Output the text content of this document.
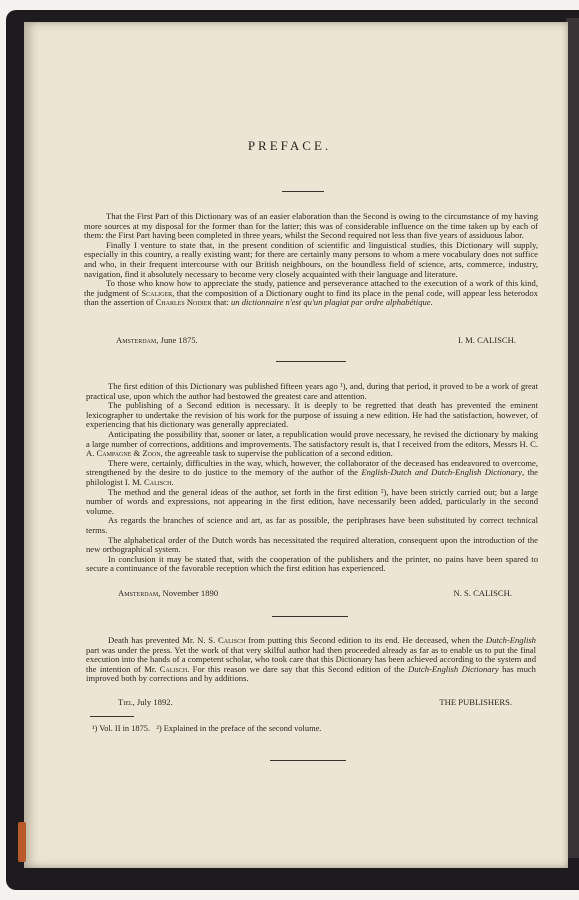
PREFACE.

That the First Part of this Dictionary was of an easier elaboration than the Second is owing to the circumstance of my having more sources at my disposal for the former than for the latter; this was of considerable influence on the time taken up by each of them: the First Part having been completed in three years, whilst the Second required not less than five years of assiduous labor.

Finally I venture to state that, in the present condition of scientific and linguistical studies, this Dictionary will supply, especially in this country, a really existing want; for there are certainly many persons to whom a mere vocabulary does not suffice and who, in their frequent intercourse with our British neighbours, on the boundless field of science, arts, commerce, industry, navigation, find it absolutely necessary to become very closely acquainted with their language and literature.

To those who know how to appreciate the study, patience and perseverance attached to the execution of a work of this kind, the judgment of Scaliger, that the composition of a Dictionary ought to find its place in the penal code, will appear less heterodox than the assertion of Charles Nodier that: un dictionnaire n'est qu'un plagiat par ordre alphabétique.

Amsterdam, June 1875.	I. M. CALISCH.

The first edition of this Dictionary was published fifteen years ago ¹), and, during that period, it proved to be a work of great practical use, upon which the author had bestowed the greatest care and attention.

The publishing of a Second edition is necessary. It is deeply to be regretted that death has prevented the eminent lexicographer to undertake the revision of his work for the purpose of issuing a new edition. He had the satisfaction, however, of experiencing that his dictionary was generally appreciated.

Anticipating the possibility that, sooner or later, a republication would prove necessary, he revised the dictionary by making a large number of corrections, additions and improvements. The satisfactory result is, that I received from the editors, Messrs H. C. A. Campagne & Zoon, the agreeable task to supervise the publication of a second edition.

There were, certainly, difficulties in the way, which, however, the collaborator of the deceased has endeavored to overcome, strengthened by the desire to do justice to the memory of the author of the English-Dutch and Dutch-English Dictionary, the philologist I. M. Calisch.

The method and the general ideas of the author, set forth in the first edition ²), have been strictly carried out; but a large number of words and expressions, not appearing in the first edition, have necessarily been added, particularly in the second volume.

As regards the branches of science and art, as far as possible, the periphrases have been substituted by correct technical terms.

The alphabetical order of the Dutch words has necessitated the required alteration, consequent upon the introduction of the new orthographical system.

In conclusion it may be stated that, with the cooperation of the publishers and the printer, no pains have been spared to secure a continuance of the favorable reception which the first edition has experienced.

Amsterdam, November 1890	N. S. CALISCH.

Death has prevented Mr. N. S. Calisch from putting this Second edition to its end. He deceased, when the Dutch-English part was under the press. Yet the work of that very skilful author had then proceeded already as far as to enable us to put the final execution into the hands of a competent scholar, who took care that this Dictionary has been achieved according to the system and the intention of Mr. Calisch. For this reason we dare say that this Second edition of the Dutch-English Dictionary has much improved both by corrections and by additions.

Tiel, July 1892.	THE PUBLISHERS.
¹) Vol. II in 1875. ²) Explained in the preface of the second volume.
